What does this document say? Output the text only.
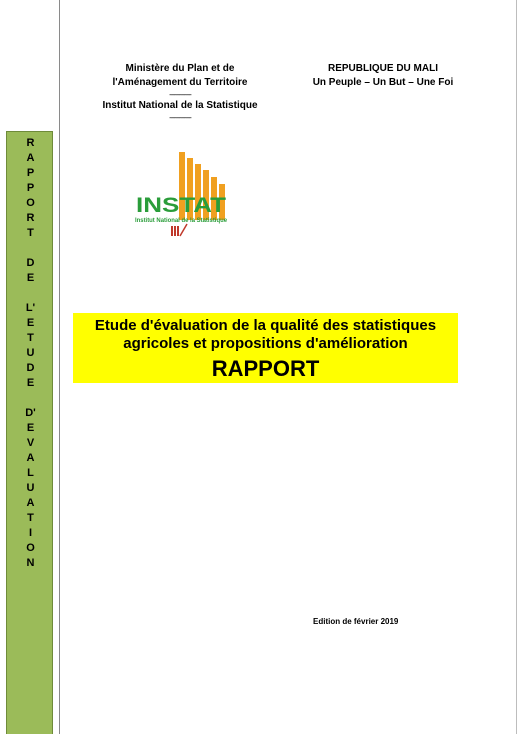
Ministère du Plan et de
l'Aménagement du Territoire
-------------
Institut National de la Statistique
-------------
REPUBLIQUE DU MALI
Un Peuple – Un But – Une Foi
R
A
P
P
O
R
T

D
E

L'
E
T
U
D
E

D'
E
V
A
L
U
A
T
I
O
N
INSTAT
Institut National de la Statistique
Etude d'évaluation de la qualité des statistiques
agricoles et propositions d'amélioration
RAPPORT
Edition de février 2019
